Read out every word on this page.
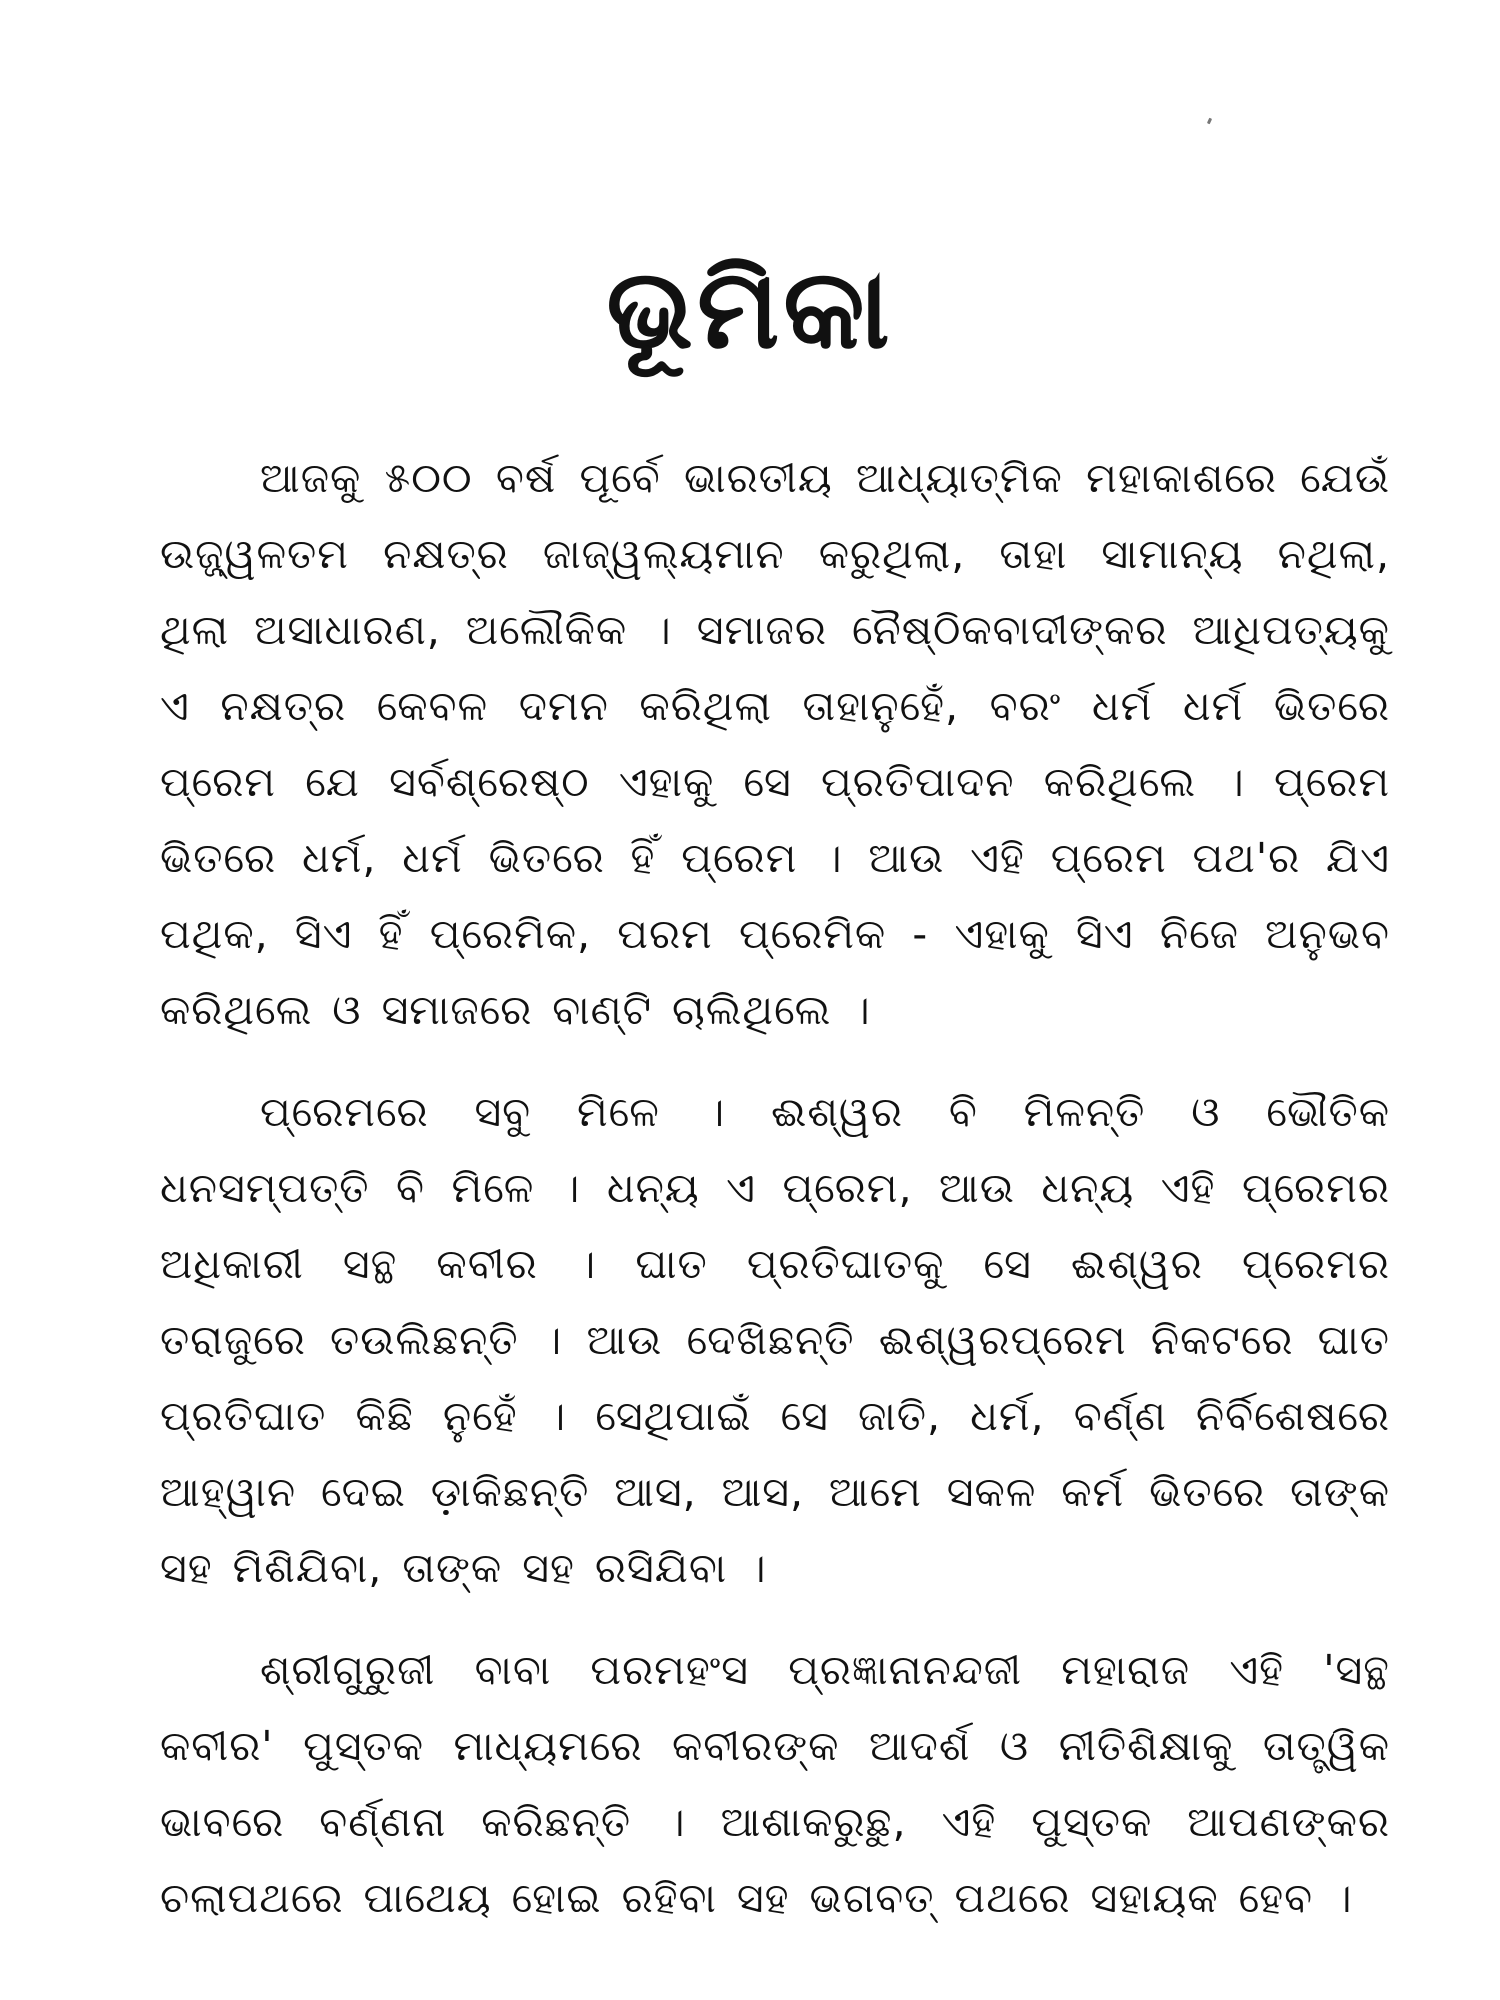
ଭୂମିକା

ଆଜକୁ ୫୦୦ ବର୍ଷ ପୂର୍ବେ ଭାରତୀୟ ଆଧ୍ୟାତ୍ମିକ ମହାକାଶରେ ଯେଉଁ ଉଜ୍ଜ୍ୱଳତମ ନକ୍ଷତ୍ର ଜାଜ୍ୱଲ୍ୟମାନ କରୁଥିଲା, ତାହା ସାମାନ୍ୟ ନଥିଲା, ଥିଲା ଅସାଧାରଣ, ଅଲୌକିକ । ସମାଜର ନୈଷ୍ଠିକବାଦୀଙ୍କର ଆଧିପତ୍ୟକୁ ଏ ନକ୍ଷତ୍ର କେବଳ ଦମନ କରିଥିଲା ତାହାନୁହେଁ, ବରଂ ଧର୍ମ ଧର୍ମ ଭିତରେ ପ୍ରେମ ଯେ ସର୍ବଶ୍ରେଷ୍ଠ ଏହାକୁ ସେ ପ୍ରତିପାଦନ କରିଥିଲେ । ପ୍ରେମ ଭିତରେ ଧର୍ମ, ଧର୍ମ ଭିତରେ ହିଁ ପ୍ରେମ । ଆଉ ଏହି ପ୍ରେମ ପଥ'ର ଯିଏ ପଥିକ, ସିଏ ହିଁ ପ୍ରେମିକ, ପରମ ପ୍ରେମିକ - ଏହାକୁ ସିଏ ନିଜେ ଅନୁଭବ କରିଥିଲେ ଓ ସମାଜରେ ବାଣ୍ଟି ଚାଲିଥିଲେ ।

ପ୍ରେମରେ ସବୁ ମିଳେ । ଈଶ୍ୱର ବି ମିଳନ୍ତି ଓ ଭୌତିକ ଧନସମ୍ପତ୍ତି ବି ମିଳେ । ଧନ୍ୟ ଏ ପ୍ରେମ, ଆଉ ଧନ୍ୟ ଏହି ପ୍ରେମର ଅଧିକାରୀ ସନ୍ଥ କବୀର । ଘାତ ପ୍ରତିଘାତକୁ ସେ ଈଶ୍ୱର ପ୍ରେମର ତରାଜୁରେ ତଉଲିଛନ୍ତି । ଆଉ ଦେଖିଛନ୍ତି ଈଶ୍ୱରପ୍ରେମ ନିକଟରେ ଘାତ ପ୍ରତିଘାତ କିଛି ନୁହେଁ । ସେଥିପାଇଁ ସେ ଜାତି, ଧର୍ମ, ବର୍ଣ୍ଣ ନିର୍ବିଶେଷରେ ଆହ୍ୱାନ ଦେଇ ଡ଼ାକିଛନ୍ତି ଆସ, ଆସ, ଆମେ ସକଳ କର୍ମ ଭିତରେ ତାଙ୍କ ସହ ମିଶିଯିବା, ତାଙ୍କ ସହ ରସିଯିବା ।

ଶ୍ରୀଗୁରୁଜୀ ବାବା ପରମହଂସ ପ୍ରଜ୍ଞାନାନନ୍ଦଜୀ ମହାରାଜ ଏହି 'ସନ୍ଥ କବୀର' ପୁସ୍ତକ ମାଧ୍ୟମରେ କବୀରଙ୍କ ଆଦର୍ଶ ଓ ନୀତିଶିକ୍ଷାକୁ ତାତ୍ତ୍ୱିକ ଭାବରେ ବର୍ଣ୍ଣନା କରିଛନ୍ତି । ଆଶାକରୁଛୁ, ଏହି ପୁସ୍ତକ ଆପଣଙ୍କର ଚଲାପଥରେ ପାଥେୟ ହୋଇ ରହିବା ସହ ଭଗବତ୍ ପଥରେ ସହାୟକ ହେବ ।
